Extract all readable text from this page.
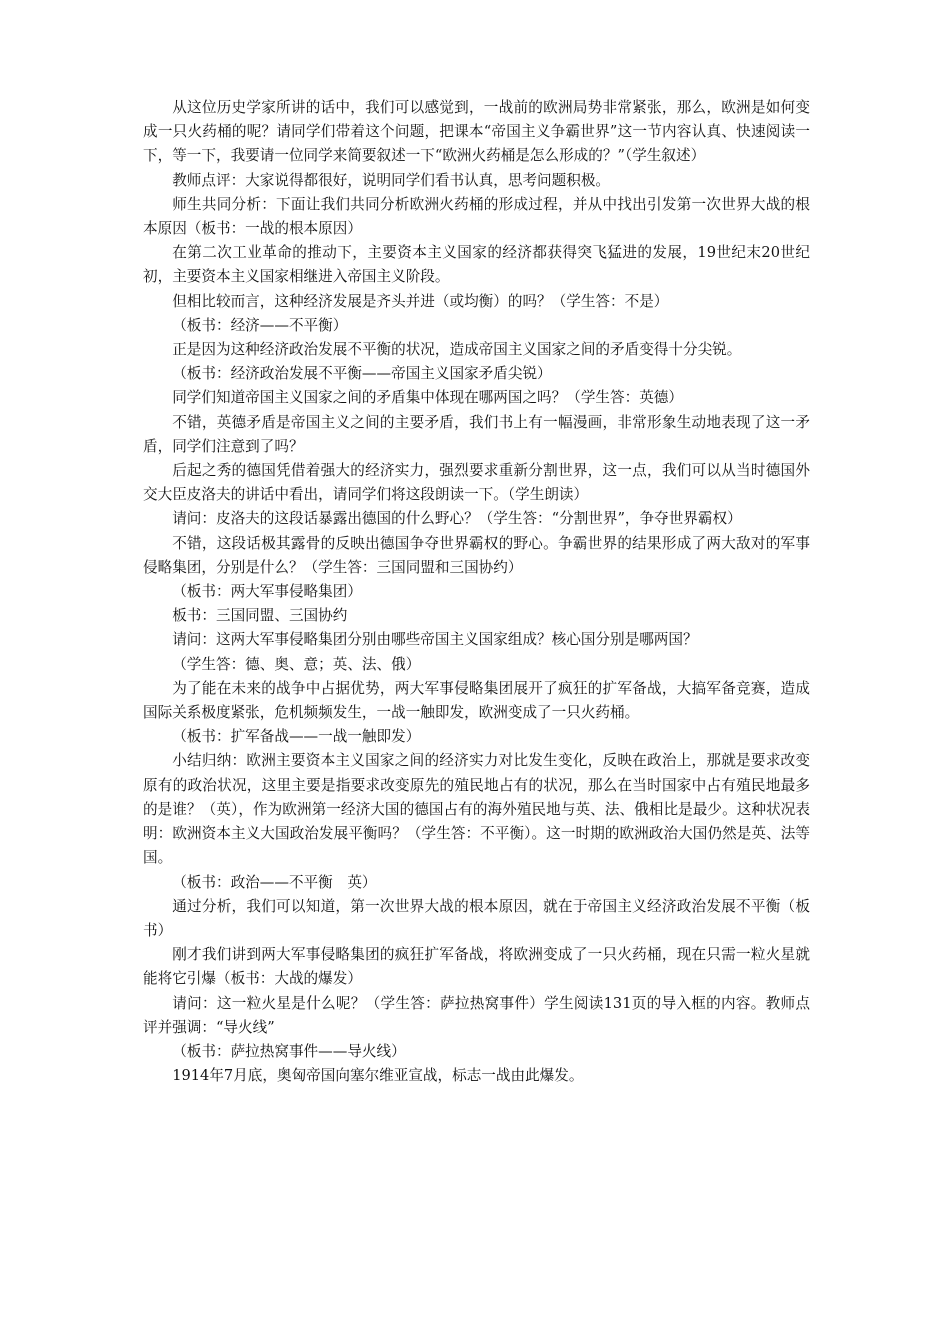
从这位历史学家所讲的话中，我们可以感觉到，一战前的欧洲局势非常紧张，那么，欧洲是如何变成一只火药桶的呢？请同学们带着这个问题，把课本“帝国主义争霸世界”这一节内容认真、快速阅读一下，等一下，我要请一位同学来简要叙述一下“欧洲火药桶是怎么形成的？”（学生叙述）

教师点评：大家说得都很好，说明同学们看书认真，思考问题积极。

师生共同分析：下面让我们共同分析欧洲火药桶的形成过程，并从中找出引发第一次世界大战的根本原因（板书：一战的根本原因）

在第二次工业革命的推动下，主要资本主义国家的经济都获得突飞猛进的发展，19世纪末20世纪初，主要资本主义国家相继进入帝国主义阶段。

但相比较而言，这种经济发展是齐头并进（或均衡）的吗？（学生答：不是）

（板书：经济——不平衡）

正是因为这种经济政治发展不平衡的状况，造成帝国主义国家之间的矛盾变得十分尖锐。

（板书：经济政治发展不平衡——帝国主义国家矛盾尖锐）

同学们知道帝国主义国家之间的矛盾集中体现在哪两国之吗？（学生答：英德）

不错，英德矛盾是帝国主义之间的主要矛盾，我们书上有一幅漫画，非常形象生动地表现了这一矛盾，同学们注意到了吗？

后起之秀的德国凭借着强大的经济实力，强烈要求重新分割世界，这一点，我们可以从当时德国外交大臣皮洛夫的讲话中看出，请同学们将这段朗读一下。（学生朗读）

请问：皮洛夫的这段话暴露出德国的什么野心？（学生答：“分割世界”，争夺世界霸权）

不错，这段话极其露骨的反映出德国争夺世界霸权的野心。争霸世界的结果形成了两大敌对的军事侵略集团，分别是什么？（学生答：三国同盟和三国协约）

（板书：两大军事侵略集团）

板书：三国同盟、三国协约

请问：这两大军事侵略集团分别由哪些帝国主义国家组成？核心国分别是哪两国？

（学生答：德、奥、意；英、法、俄）

为了能在未来的战争中占据优势，两大军事侵略集团展开了疯狂的扩军备战，大搞军备竞赛，造成国际关系极度紧张，危机频频发生，一战一触即发，欧洲变成了一只火药桶。

（板书：扩军备战——一战一触即发）

小结归纳：欧洲主要资本主义国家之间的经济实力对比发生变化，反映在政治上，那就是要求改变原有的政治状况，这里主要是指要求改变原先的殖民地占有的状况，那么在当时国家中占有殖民地最多的是谁？（英），作为欧洲第一经济大国的德国占有的海外殖民地与英、法、俄相比是最少。这种状况表明：欧洲资本主义大国政治发展平衡吗？（学生答：不平衡）。这一时期的欧洲政治大国仍然是英、法等国。

（板书：政治——不平衡　英）

通过分析，我们可以知道，第一次世界大战的根本原因，就在于帝国主义经济政治发展不平衡（板书）

刚才我们讲到两大军事侵略集团的疯狂扩军备战，将欧洲变成了一只火药桶，现在只需一粒火星就能将它引爆（板书：大战的爆发）

请问：这一粒火星是什么呢？（学生答：萨拉热窝事件）学生阅读131页的导入框的内容。教师点评并强调：“导火线”

（板书：萨拉热窝事件——导火线）

1914年7月底，奥匈帝国向塞尔维亚宣战，标志一战由此爆发。
